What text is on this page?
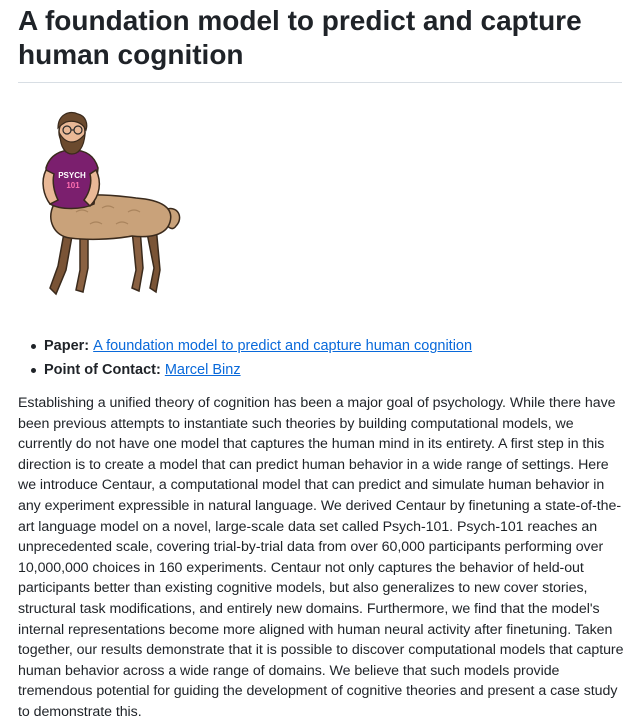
A foundation model to predict and capture human cognition
PSYCH
101
Paper: A foundation model to predict and capture human cognition
Point of Contact: Marcel Binz

Establishing a unified theory of cognition has been a major goal of psychology. While there have been previous attempts to instantiate such theories by building computational models, we currently do not have one model that captures the human mind in its entirety. A first step in this direction is to create a model that can predict human behavior in a wide range of settings. Here we introduce Centaur, a computational model that can predict and simulate human behavior in any experiment expressible in natural language. We derived Centaur by finetuning a state-of-the-art language model on a novel, large-scale data set called Psych-101. Psych-101 reaches an unprecedented scale, covering trial-by-trial data from over 60,000 participants performing over 10,000,000 choices in 160 experiments. Centaur not only captures the behavior of held-out participants better than existing cognitive models, but also generalizes to new cover stories, structural task modifications, and entirely new domains. Furthermore, we find that the model's internal representations become more aligned with human neural activity after finetuning. Taken together, our results demonstrate that it is possible to discover computational models that capture human behavior across a wide range of domains. We believe that such models provide tremendous potential for guiding the development of cognitive theories and present a case study to demonstrate this.
